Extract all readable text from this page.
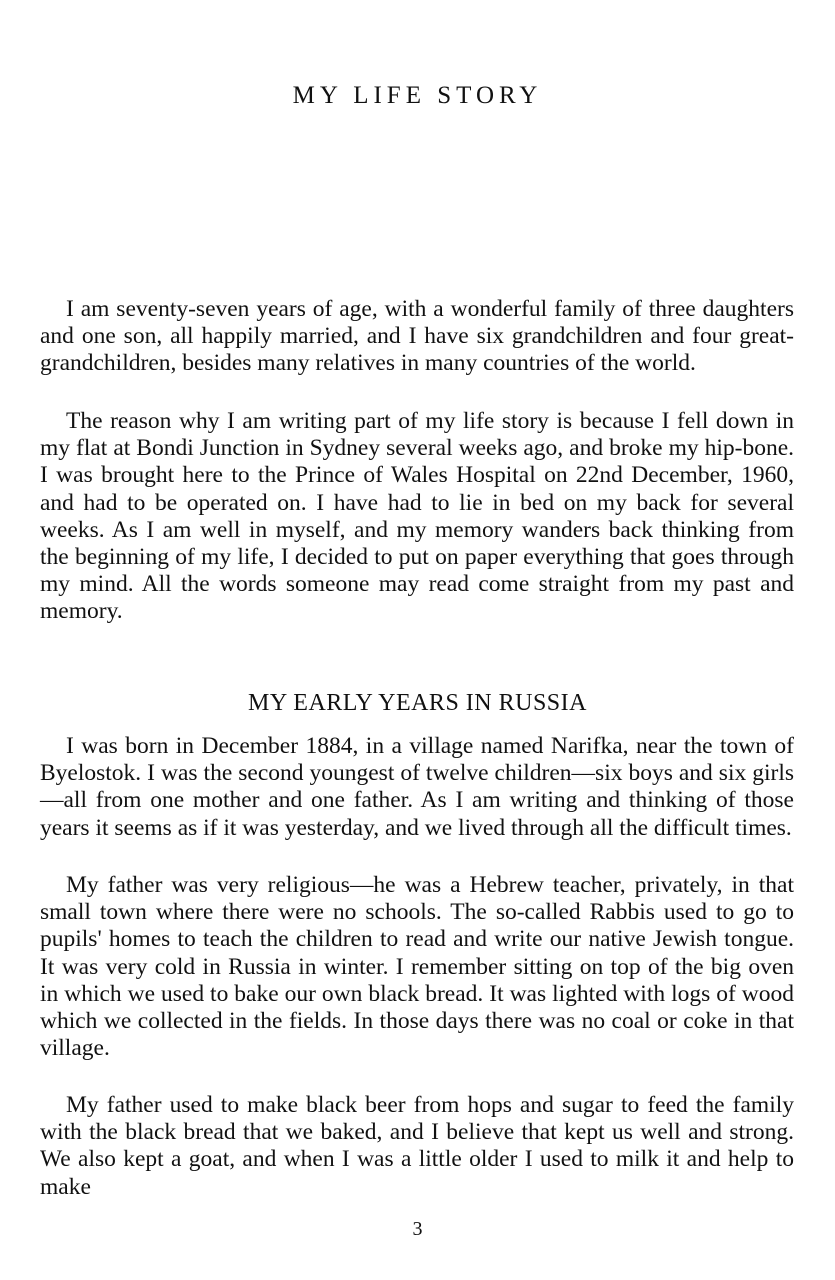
MY LIFE STORY

I am seventy-seven years of age, with a wonderful family of three daughters and one son, all happily married, and I have six grandchildren and four great-grandchildren, besides many relatives in many countries of the world.

The reason why I am writing part of my life story is because I fell down in my flat at Bondi Junction in Sydney several weeks ago, and broke my hip-bone. I was brought here to the Prince of Wales Hospital on 22nd December, 1960, and had to be operated on. I have had to lie in bed on my back for several weeks. As I am well in myself, and my memory wanders back thinking from the beginning of my life, I decided to put on paper everything that goes through my mind. All the words someone may read come straight from my past and memory.

MY EARLY YEARS IN RUSSIA

I was born in December 1884, in a village named Narifka, near the town of Byelostok. I was the second youngest of twelve children—six boys and six girls—all from one mother and one father. As I am writing and thinking of those years it seems as if it was yesterday, and we lived through all the difficult times.

My father was very religious—he was a Hebrew teacher, privately, in that small town where there were no schools. The so-called Rabbis used to go to pupils' homes to teach the children to read and write our native Jewish tongue. It was very cold in Russia in winter. I remember sitting on top of the big oven in which we used to bake our own black bread. It was lighted with logs of wood which we collected in the fields. In those days there was no coal or coke in that village.

My father used to make black beer from hops and sugar to feed the family with the black bread that we baked, and I believe that kept us well and strong. We also kept a goat, and when I was a little older I used to milk it and help to make

3
